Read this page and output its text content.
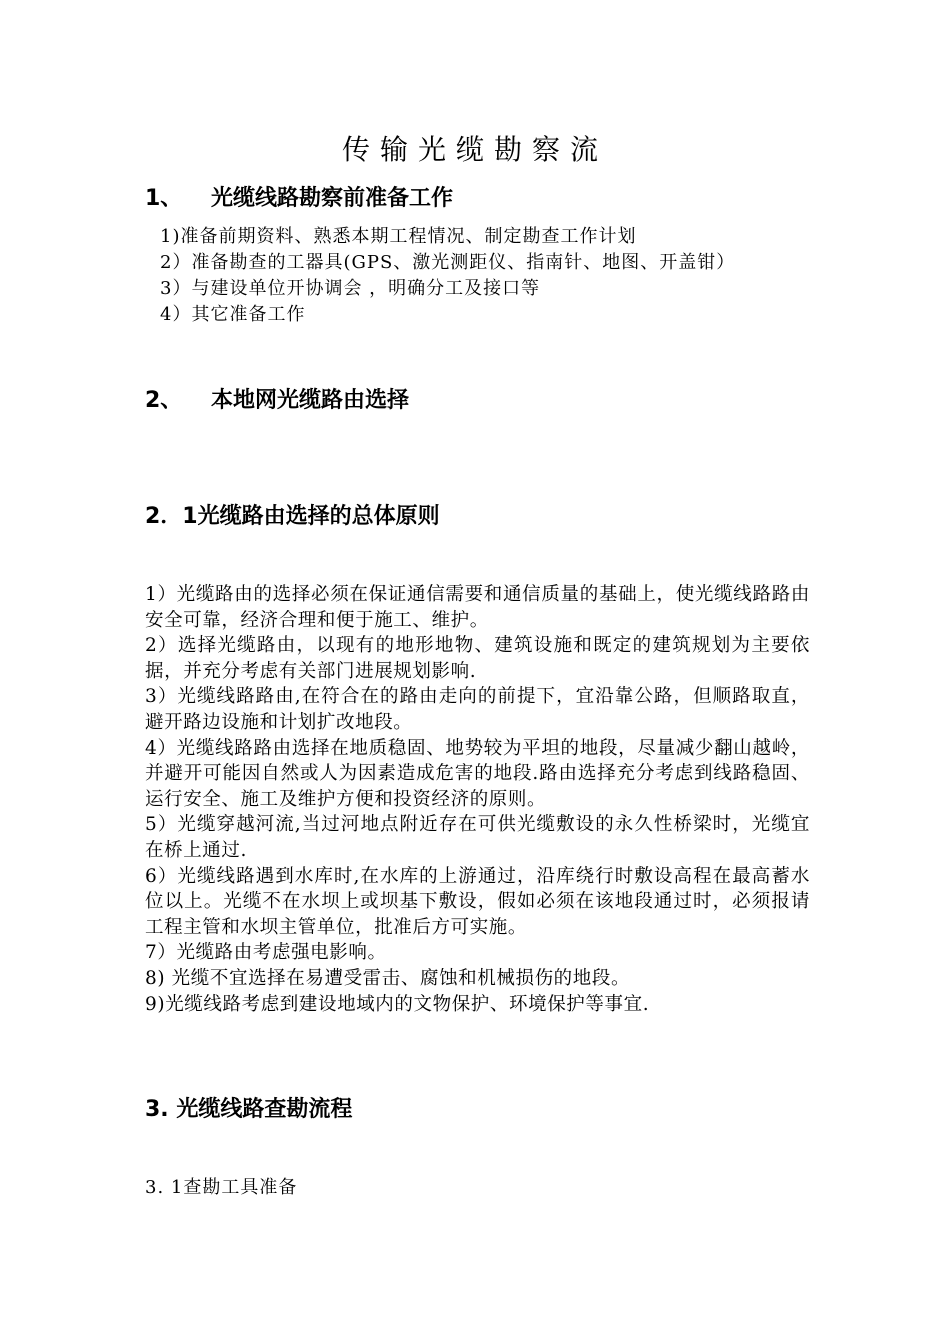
传输光缆勘察流
1、 光缆线路勘察前准备工作
1)准备前期资料、熟悉本期工程情况、制定勘查工作计划
2）准备勘查的工器具(GPS、激光测距仪、指南针、地图、开盖钳）
3）与建设单位开协调会 ，明确分工及接口等
4）其它准备工作
2、 本地网光缆路由选择
2．1光缆路由选择的总体原则
1）光缆路由的选择必须在保证通信需要和通信质量的基础上，使光缆线路路由安全可靠，经济合理和便于施工、维护。
2）选择光缆路由，以现有的地形地物、建筑设施和既定的建筑规划为主要依据，并充分考虑有关部门进展规划影响.
3）光缆线路路由,在符合在的路由走向的前提下，宜沿靠公路，但顺路取直，避开路边设施和计划扩改地段。
4）光缆线路路由选择在地质稳固、地势较为平坦的地段，尽量减少翻山越岭，并避开可能因自然或人为因素造成危害的地段.路由选择充分考虑到线路稳固、运行安全、施工及维护方便和投资经济的原则。
5）光缆穿越河流,当过河地点附近存在可供光缆敷设的永久性桥梁时，光缆宜在桥上通过.
6）光缆线路遇到水库时,在水库的上游通过，沿库绕行时敷设高程在最高蓄水位以上。光缆不在水坝上或坝基下敷设，假如必须在该地段通过时，必须报请工程主管和水坝主管单位，批准后方可实施。
7）光缆路由考虑强电影响。
8) 光缆不宜选择在易遭受雷击、腐蚀和机械损伤的地段。
9)光缆线路考虑到建设地域内的文物保护、环境保护等事宜.
3. 光缆线路查勘流程
3. 1查勘工具准备
